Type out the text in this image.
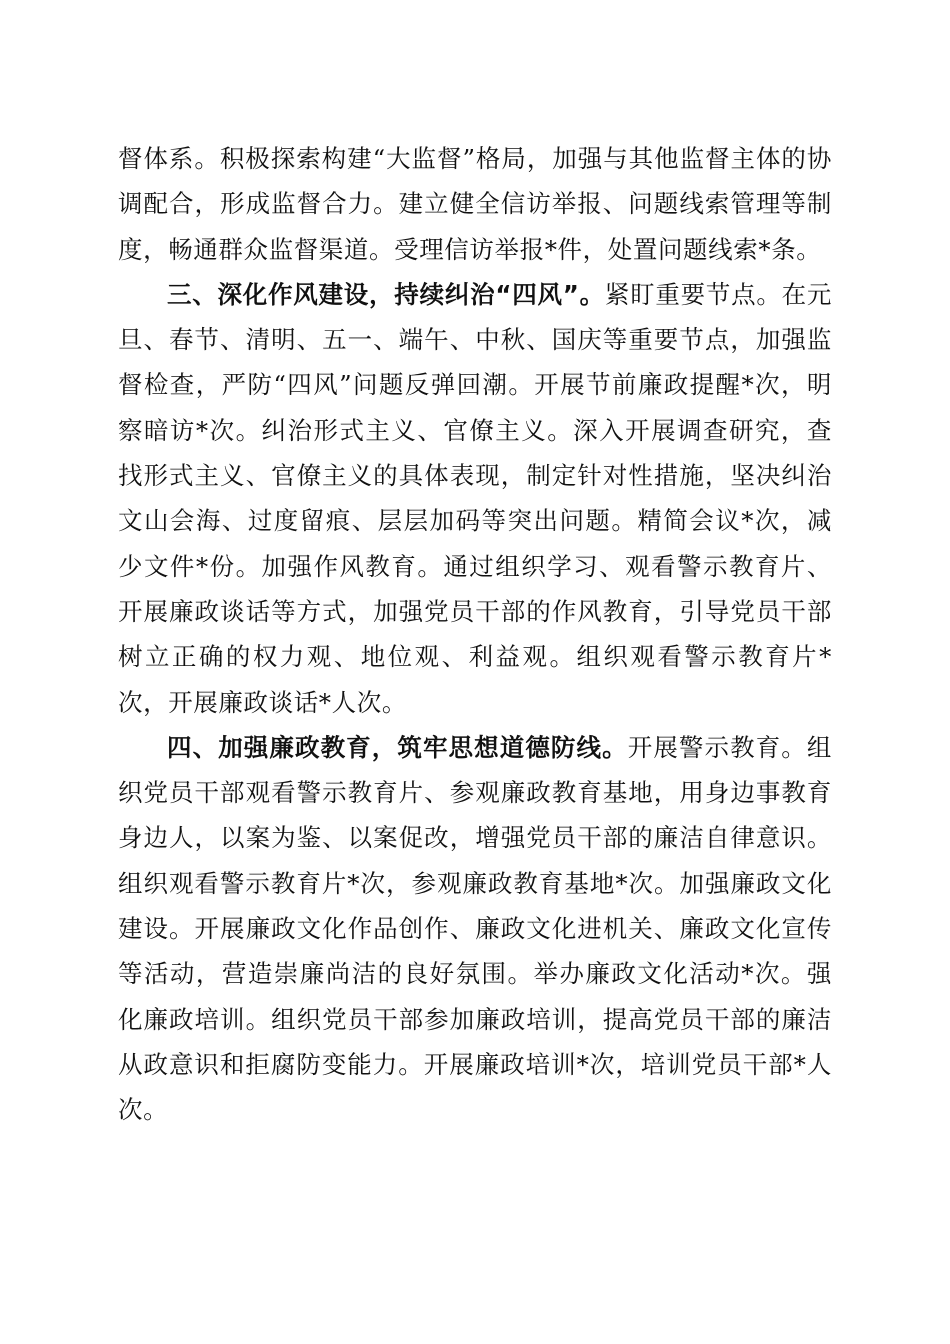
督体系。积极探索构建“大监督”格局，加强与其他监督主体的协调配合，形成监督合力。建立健全信访举报、问题线索管理等制度，畅通群众监督渠道。受理信访举报*件，处置问题线索*条。

三、深化作风建设，持续纠治“四风”。紧盯重要节点。在元旦、春节、清明、五一、端午、中秋、国庆等重要节点，加强监督检查，严防“四风”问题反弹回潮。开展节前廉政提醒*次，明察暗访*次。纠治形式主义、官僚主义。深入开展调查研究，查找形式主义、官僚主义的具体表现，制定针对性措施，坚决纠治文山会海、过度留痕、层层加码等突出问题。精简会议*次，减少文件*份。加强作风教育。通过组织学习、观看警示教育片、开展廉政谈话等方式，加强党员干部的作风教育，引导党员干部树立正确的权力观、地位观、利益观。组织观看警示教育片*次，开展廉政谈话*人次。

四、加强廉政教育，筑牢思想道德防线。开展警示教育。组织党员干部观看警示教育片、参观廉政教育基地，用身边事教育身边人，以案为鉴、以案促改，增强党员干部的廉洁自律意识。组织观看警示教育片*次，参观廉政教育基地*次。加强廉政文化建设。开展廉政文化作品创作、廉政文化进机关、廉政文化宣传等活动，营造崇廉尚洁的良好氛围。举办廉政文化活动*次。强化廉政培训。组织党员干部参加廉政培训，提高党员干部的廉洁从政意识和拒腐防变能力。开展廉政培训*次，培训党员干部*人次。
